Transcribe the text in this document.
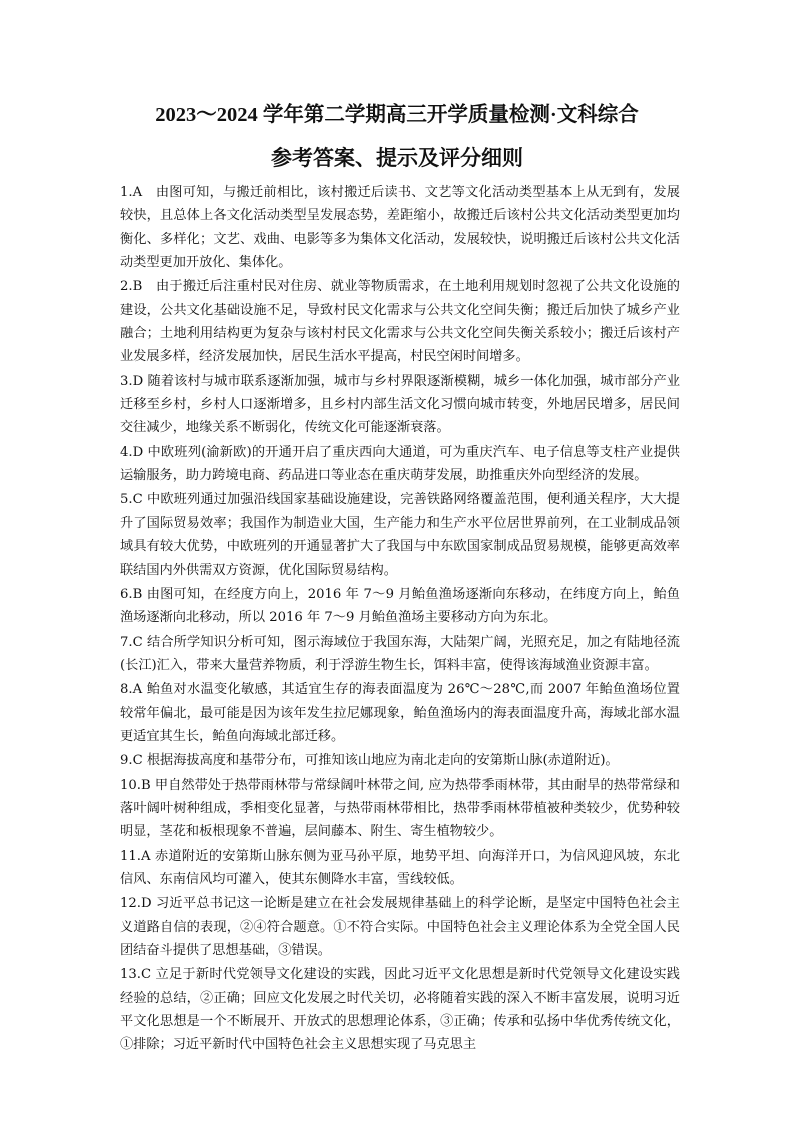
2023～2024 学年第二学期高三开学质量检测·文科综合
参考答案、提示及评分细则

1.A　由图可知，与搬迁前相比，该村搬迁后读书、文艺等文化活动类型基本上从无到有，发展较快，且总体上各文化活动类型呈发展态势，差距缩小，故搬迁后该村公共文化活动类型更加均衡化、多样化；文艺、戏曲、电影等多为集体文化活动，发展较快，说明搬迁后该村公共文化活动类型更加开放化、集体化。

2.B　由于搬迁后注重村民对住房、就业等物质需求，在土地利用规划时忽视了公共文化设施的建设，公共文化基础设施不足，导致村民文化需求与公共文化空间失衡；搬迁后加快了城乡产业融合；土地利用结构更为复杂与该村村民文化需求与公共文化空间失衡关系较小；搬迁后该村产业发展多样，经济发展加快，居民生活水平提高，村民空闲时间增多。

3.D 随着该村与城市联系逐渐加强，城市与乡村界限逐渐模糊，城乡一体化加强，城市部分产业迁移至乡村，乡村人口逐渐增多，且乡村内部生活文化习惯向城市转变，外地居民增多，居民间交往减少，地缘关系不断弱化，传统文化可能逐渐衰落。

4.D 中欧班列(渝新欧)的开通开启了重庆西向大通道，可为重庆汽车、电子信息等支柱产业提供运输服务，助力跨境电商、药品进口等业态在重庆萌芽发展，助推重庆外向型经济的发展。

5.C 中欧班列通过加强沿线国家基础设施建设，完善铁路网络覆盖范围，便利通关程序，大大提升了国际贸易效率；我国作为制造业大国，生产能力和生产水平位居世界前列，在工业制成品领域具有较大优势，中欧班列的开通显著扩大了我国与中东欧国家制成品贸易规模，能够更高效率联结国内外供需双方资源，优化国际贸易结构。

6.B 由图可知，在经度方向上，2016 年 7～9 月鲐鱼渔场逐渐向东移动，在纬度方向上，鲐鱼渔场逐渐向北移动，所以 2016 年 7～9 月鲐鱼渔场主要移动方向为东北。

7.C 结合所学知识分析可知，图示海域位于我国东海，大陆架广阔，光照充足，加之有陆地径流(长江)汇入，带来大量营养物质，利于浮游生物生长，饵料丰富，使得该海域渔业资源丰富。

8.A 鲐鱼对水温变化敏感，其适宜生存的海表面温度为 26℃～28℃,而 2007 年鲐鱼渔场位置较常年偏北，最可能是因为该年发生拉尼娜现象，鲐鱼渔场内的海表面温度升高，海域北部水温更适宜其生长，鲐鱼向海域北部迁移。

9.C 根据海拔高度和基带分布，可推知该山地应为南北走向的安第斯山脉(赤道附近)。

10.B 甲自然带处于热带雨林带与常绿阔叶林带之间, 应为热带季雨林带，其由耐旱的热带常绿和落叶阔叶树种组成，季相变化显著，与热带雨林带相比，热带季雨林带植被种类较少，优势种较明显，茎花和板根现象不普遍，层间藤本、附生、寄生植物较少。

11.A 赤道附近的安第斯山脉东侧为亚马孙平原，地势平坦、向海洋开口，为信风迎风坡，东北信风、东南信风均可灌入，使其东侧降水丰富，雪线较低。

12.D 习近平总书记这一论断是建立在社会发展规律基础上的科学论断，是坚定中国特色社会主义道路自信的表现，②④符合题意。①不符合实际。中国特色社会主义理论体系为全党全国人民团结奋斗提供了思想基础，③错误。

13.C 立足于新时代党领导文化建设的实践，因此习近平文化思想是新时代党领导文化建设实践经验的总结，②正确；回应文化发展之时代关切，必将随着实践的深入不断丰富发展，说明习近平文化思想是一个不断展开、开放式的思想理论体系，③正确；传承和弘扬中华优秀传统文化，①排除；习近平新时代中国特色社会主义思想实现了马克思主
